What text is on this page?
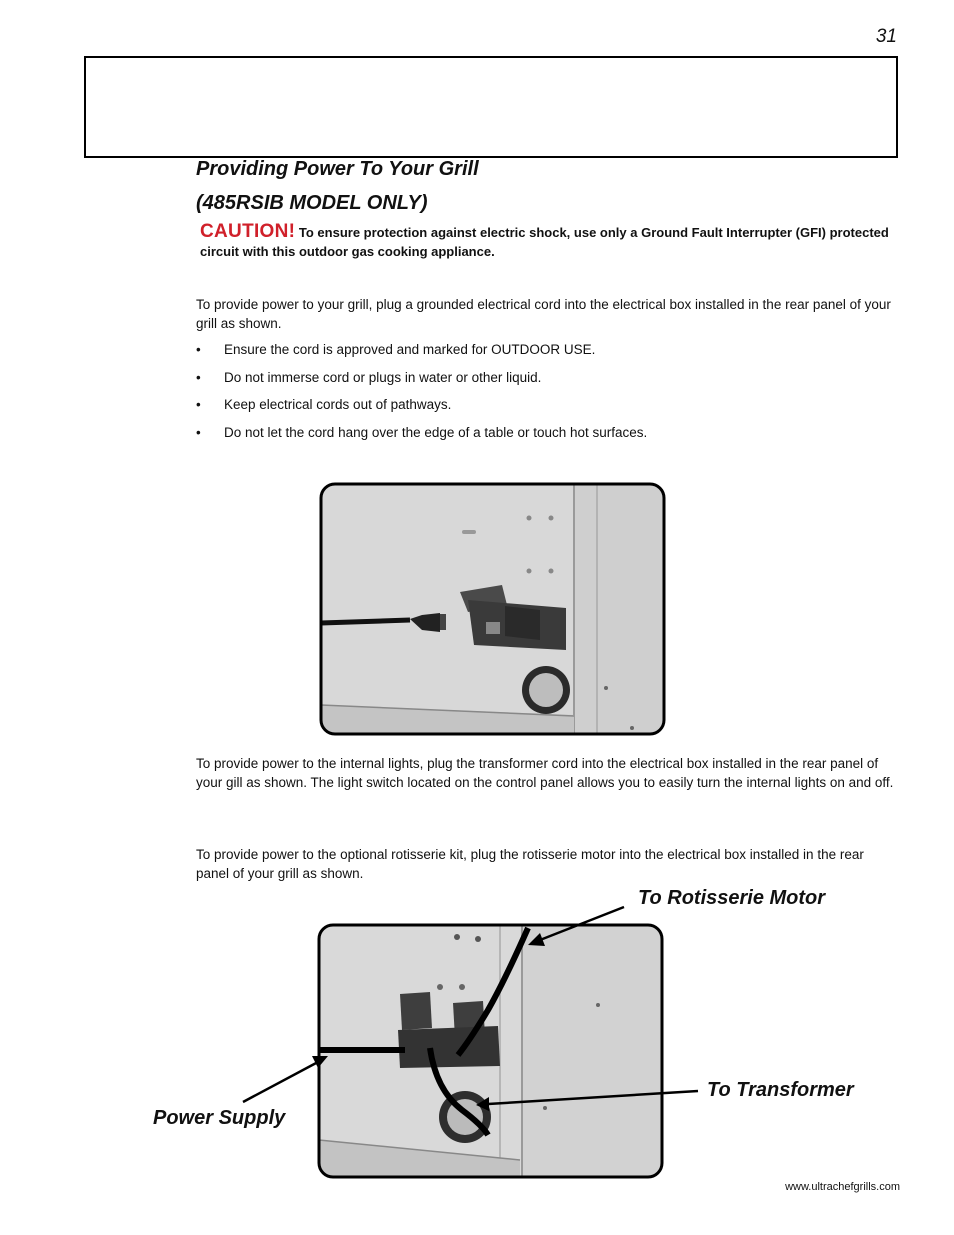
31
Providing Power To Your Grill
(485RSIB MODEL ONLY)
CAUTION! To ensure protection against electric shock, use only a Ground Fault Interrupter (GFI) protected circuit with this outdoor gas cooking appliance.
To provide power to your grill, plug a grounded electrical cord into the electrical box installed in the rear panel of your grill as shown.
• Ensure the cord is approved and marked for OUTDOOR USE.
• Do not immerse cord or plugs in water or other liquid.
• Keep electrical cords out of pathways.
• Do not let the cord hang over the edge of a table or touch hot surfaces.
To provide power to the internal lights, plug the transformer cord into the electrical box installed in the rear panel of your gill as shown. The light switch located on the control panel allows you to easily turn the internal lights on and off.
To provide power to the optional rotisserie kit, plug the rotisserie motor into the electrical box installed in the rear panel of your grill as shown.
To Rotisserie Motor
To Transformer
Power Supply
www.ultrachefgrills.com
